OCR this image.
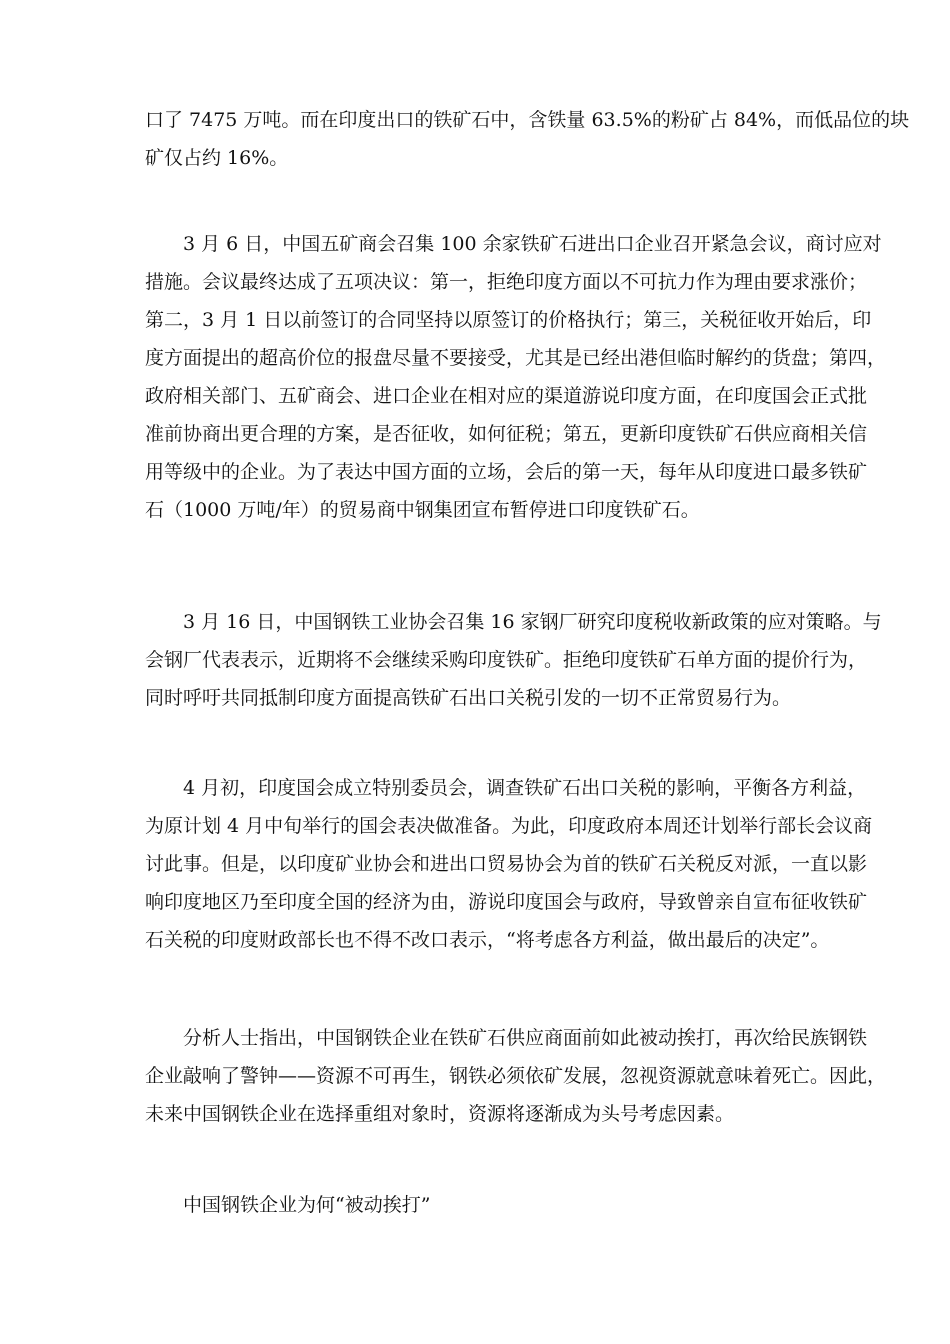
口了 7475 万吨。而在印度出口的铁矿石中，含铁量 63.5%的粉矿占 84%，而低品位的块
矿仅占约 16%。
3 月 6 日，中国五矿商会召集 100 余家铁矿石进出口企业召开紧急会议，商讨应对
措施。会议最终达成了五项决议：第一，拒绝印度方面以不可抗力作为理由要求涨价；
第二，3 月 1 日以前签订的合同坚持以原签订的价格执行；第三，关税征收开始后，印
度方面提出的超高价位的报盘尽量不要接受，尤其是已经出港但临时解约的货盘；第四，
政府相关部门、五矿商会、进口企业在相对应的渠道游说印度方面，在印度国会正式批
准前协商出更合理的方案，是否征收，如何征税；第五，更新印度铁矿石供应商相关信
用等级中的企业。为了表达中国方面的立场，会后的第一天，每年从印度进口最多铁矿
石（1000 万吨/年）的贸易商中钢集团宣布暂停进口印度铁矿石。
3 月 16 日，中国钢铁工业协会召集 16 家钢厂研究印度税收新政策的应对策略。与
会钢厂代表表示，近期将不会继续采购印度铁矿。拒绝印度铁矿石单方面的提价行为，
同时呼吁共同抵制印度方面提高铁矿石出口关税引发的一切不正常贸易行为。
4 月初，印度国会成立特别委员会，调查铁矿石出口关税的影响，平衡各方利益，
为原计划 4 月中旬举行的国会表决做准备。为此，印度政府本周还计划举行部长会议商
讨此事。但是，以印度矿业协会和进出口贸易协会为首的铁矿石关税反对派，一直以影
响印度地区乃至印度全国的经济为由，游说印度国会与政府，导致曾亲自宣布征收铁矿
石关税的印度财政部长也不得不改口表示，“将考虑各方利益，做出最后的决定”。
分析人士指出，中国钢铁企业在铁矿石供应商面前如此被动挨打，再次给民族钢铁
企业敲响了警钟——资源不可再生，钢铁必须依矿发展，忽视资源就意味着死亡。因此，
未来中国钢铁企业在选择重组对象时，资源将逐渐成为头号考虑因素。
中国钢铁企业为何“被动挨打”
